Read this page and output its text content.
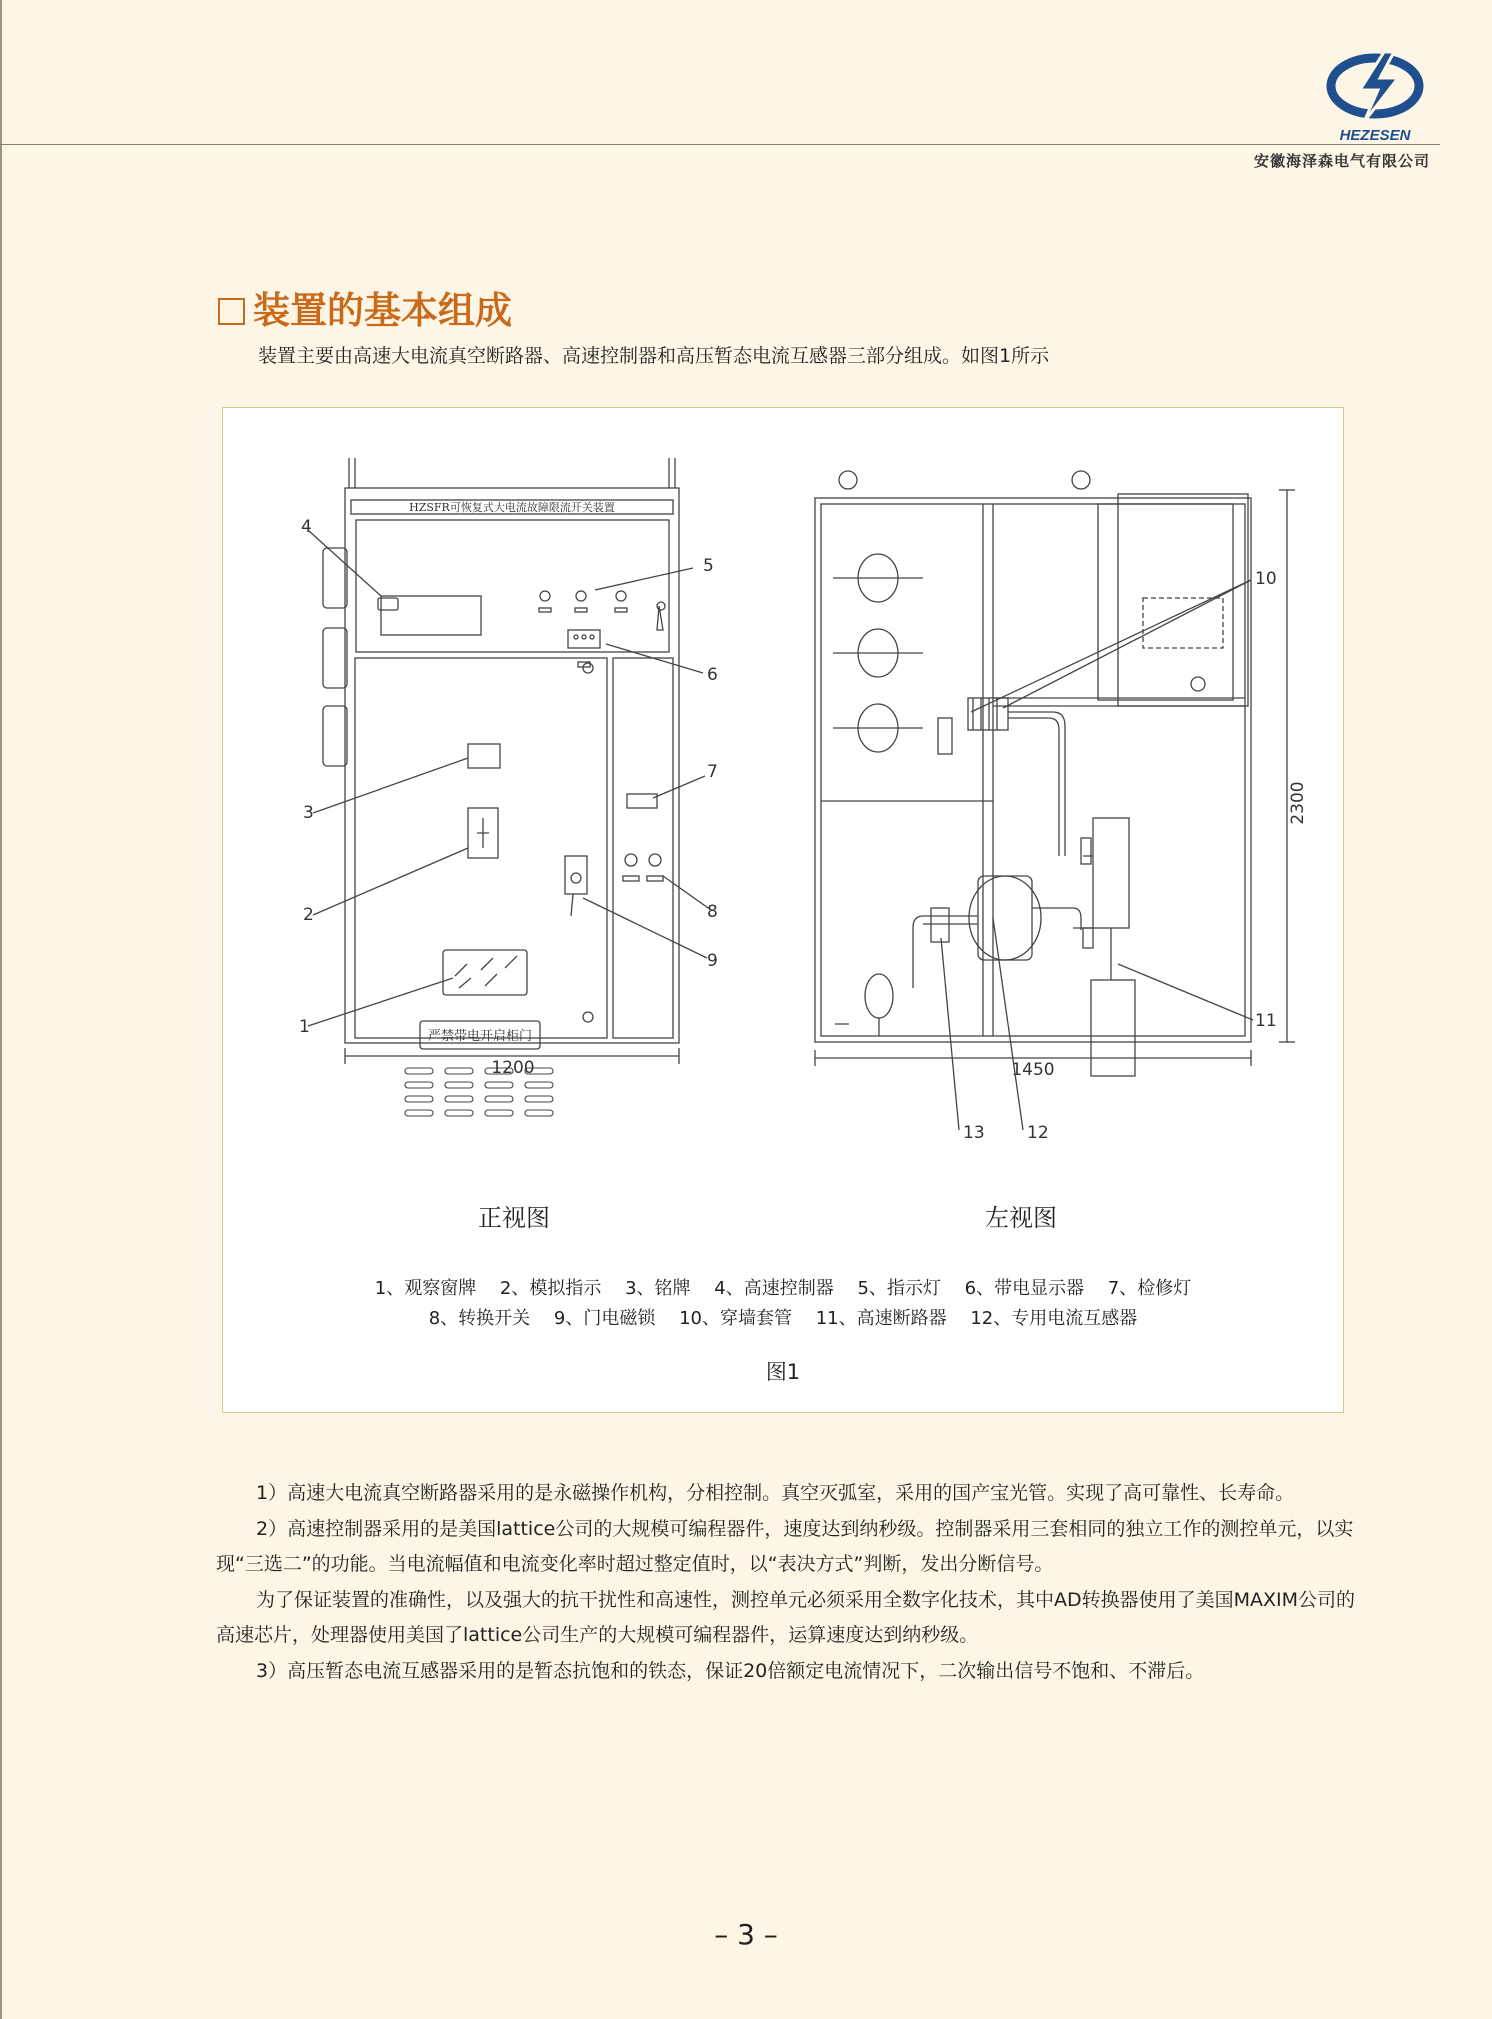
HEZESEN
安徽海泽森电气有限公司
装置的基本组成
装置主要由高速大电流真空断路器、高速控制器和高压暂态电流互感器三部分组成。如图1所示
HZSFR可恢复式大电流故障限流开关装置
严禁带电开启柜门
1200
4
5
6
3
2
1
7
8
9
1450
2300
10
11
12
13
正视图	左视图
1、观察窗牌　 2、模拟指示　 3、铭牌　 4、高速控制器　 5、指示灯　 6、带电显示器　 7、检修灯
8、转换开关　 9、门电磁锁　 10、穿墙套管　 11、高速断路器　 12、专用电流互感器
图1

1）高速大电流真空断路器采用的是永磁操作机构，分相控制。真空灭弧室，采用的国产宝光管。实现了高可靠性、长寿命。

2）高速控制器采用的是美国lattice公司的大规模可编程器件，速度达到纳秒级。控制器采用三套相同的独立工作的测控单元，以实现“三选二”的功能。当电流幅值和电流变化率时超过整定值时，以“表决方式”判断，发出分断信号。

为了保证装置的准确性，以及强大的抗干扰性和高速性，测控单元必须采用全数字化技术，其中AD转换器使用了美国MAXIM公司的高速芯片，处理器使用美国了lattice公司生产的大规模可编程器件，运算速度达到纳秒级。

3）高压暂态电流互感器采用的是暂态抗饱和的铁态，保证20倍额定电流情况下，二次输出信号不饱和、不滞后。

– 3 –
